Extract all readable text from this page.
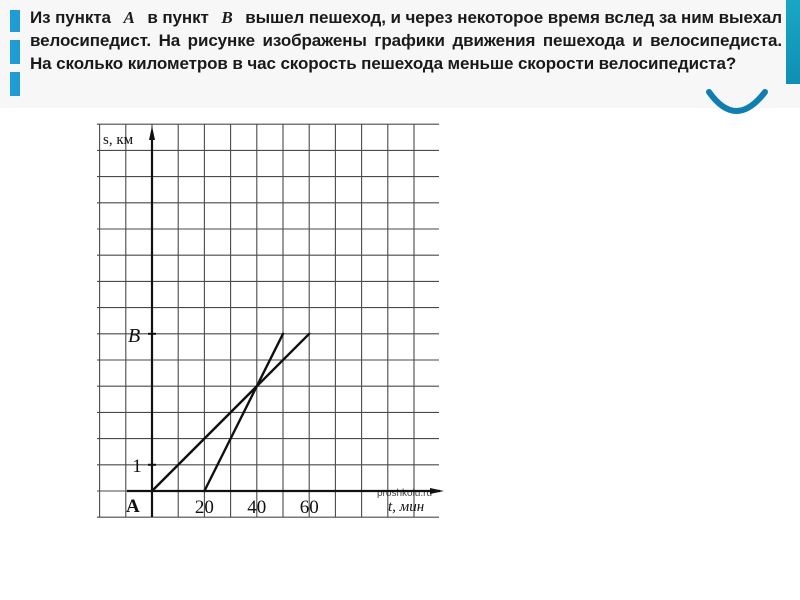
Из пункта A в пункт B вышел пешеход, и через некоторое время вслед за ним выехал велосипедист. На рисунке изображены графики движения пешехода и велосипедиста. На сколько километров в час скорость пешехода меньше скорости велосипедиста?
s, км
t, мин
B
A
proshkolu.ru
20 40 60
1
